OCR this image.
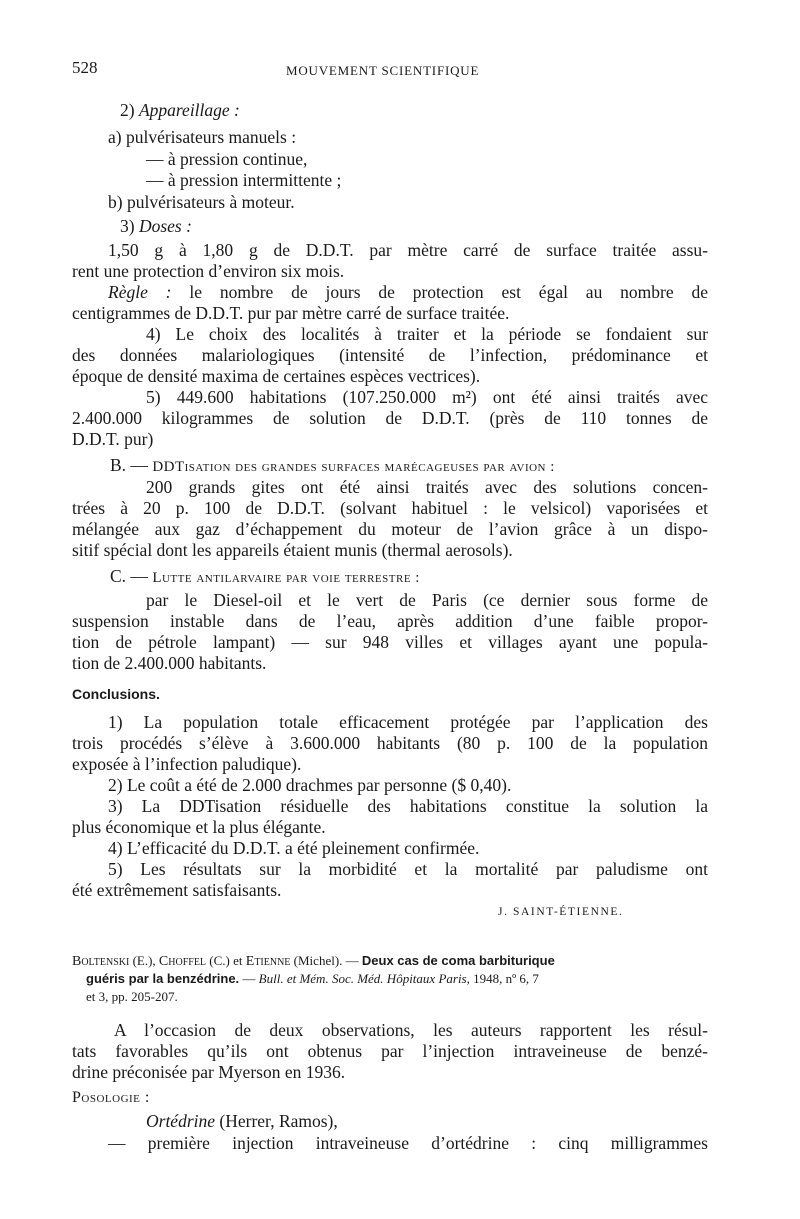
528	MOUVEMENT SCIENTIFIQUE
2) Appareillage :
a) pulvérisateurs manuels :
— à pression continue,
— à pression intermittente ;
b) pulvérisateurs à moteur.
3) Doses :
1,50 g à 1,80 g de D.D.T. par mètre carré de surface traitée assu-
rent une protection d’environ six mois.
Règle : le nombre de jours de protection est égal au nombre de
centigrammes de D.D.T. pur par mètre carré de surface traitée.
4) Le choix des localités à traiter et la période se fondaient sur
des données malariologiques (intensité de l’infection, prédominance et
époque de densité maxima de certaines espèces vectrices).
5) 449.600 habitations (107.250.000 m²) ont été ainsi traités avec
2.400.000 kilogrammes de solution de D.D.T. (près de 110 tonnes de
D.D.T. pur)
B. — DDTisation des grandes surfaces marécageuses par avion :
200 grands gites ont été ainsi traités avec des solutions concen-
trées à 20 p. 100 de D.D.T. (solvant habituel : le velsicol) vaporisées et
mélangée aux gaz d’échappement du moteur de l’avion grâce à un dispo-
sitif spécial dont les appareils étaient munis (thermal aerosols).
C. — Lutte antilarvaire par voie terrestre :
par le Diesel-oil et le vert de Paris (ce dernier sous forme de
suspension instable dans de l’eau, après addition d’une faible propor-
tion de pétrole lampant) — sur 948 villes et villages ayant une popula-
tion de 2.400.000 habitants.
Conclusions.
1) La population totale efficacement protégée par l’application des
trois procédés s’élève à 3.600.000 habitants (80 p. 100 de la population
exposée à l’infection paludique).
2) Le coût a été de 2.000 drachmes par personne ($ 0,40).
3) La DDTisation résiduelle des habitations constitue la solution la
plus économique et la plus élégante.
4) L’efficacité du D.D.T. a été pleinement confirmée.
5) Les résultats sur la morbidité et la mortalité par paludisme ont
été extrêmement satisfaisants.
J. SAINT-ÉTIENNE.
Boltenski (E.), Choffel (C.) et Etienne (Michel). — Deux cas de coma barbiturique
guéris par la benzédrine. — Bull. et Mém. Soc. Méd. Hôpitaux Paris, 1948, nº 6, 7
et 3, pp. 205-207.
A l’occasion de deux observations, les auteurs rapportent les résul-
tats favorables qu’ils ont obtenus par l’injection intraveineuse de benzé-
drine préconisée par Myerson en 1936.
Posologie :
Ortédrine (Herrer, Ramos),
— première injection intraveineuse d’ortédrine : cinq milligrammes
